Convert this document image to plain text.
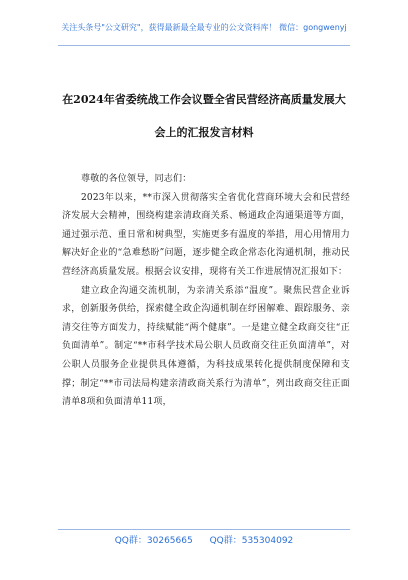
关注头条号"公文研究"，获得最新最全最专业的公文资料库！ 微信：gongwenyj
在2024年省委统战工作会议暨全省民营经济高质量发展大
会上的汇报发言材料

尊敬的各位领导，同志们：

2023年以来，**市深入贯彻落实全省优化营商环境大会和民营经济发展大会精神，围绕构建亲清政商关系、畅通政企沟通渠道等方面，通过强示范、重日常和树典型，实施更多有温度的举措，用心用情用力解决好企业的“急难愁盼”问题，逐步健全政企常态化沟通机制，推动民营经济高质量发展。根据会议安排，现将有关工作进展情况汇报如下：

建立政企沟通交流机制，为亲清关系添“温度”。聚焦民营企业诉求，创新服务供给，探索健全政企沟通机制在纾困解难、跟踪服务、亲清交往等方面发力，持续赋能“两个健康”。一是建立健全政商交往“正负面清单”。制定“**市科学技术局公职人员政商交往正负面清单”，对公职人员服务企业提供具体遵循，为科技成果转化提供制度保障和支撑；制定“**市司法局构建亲清政商关系行为清单”，列出政商交往正面清单8项和负面清单11项，

QQ群：30265665 QQ群：535304092
